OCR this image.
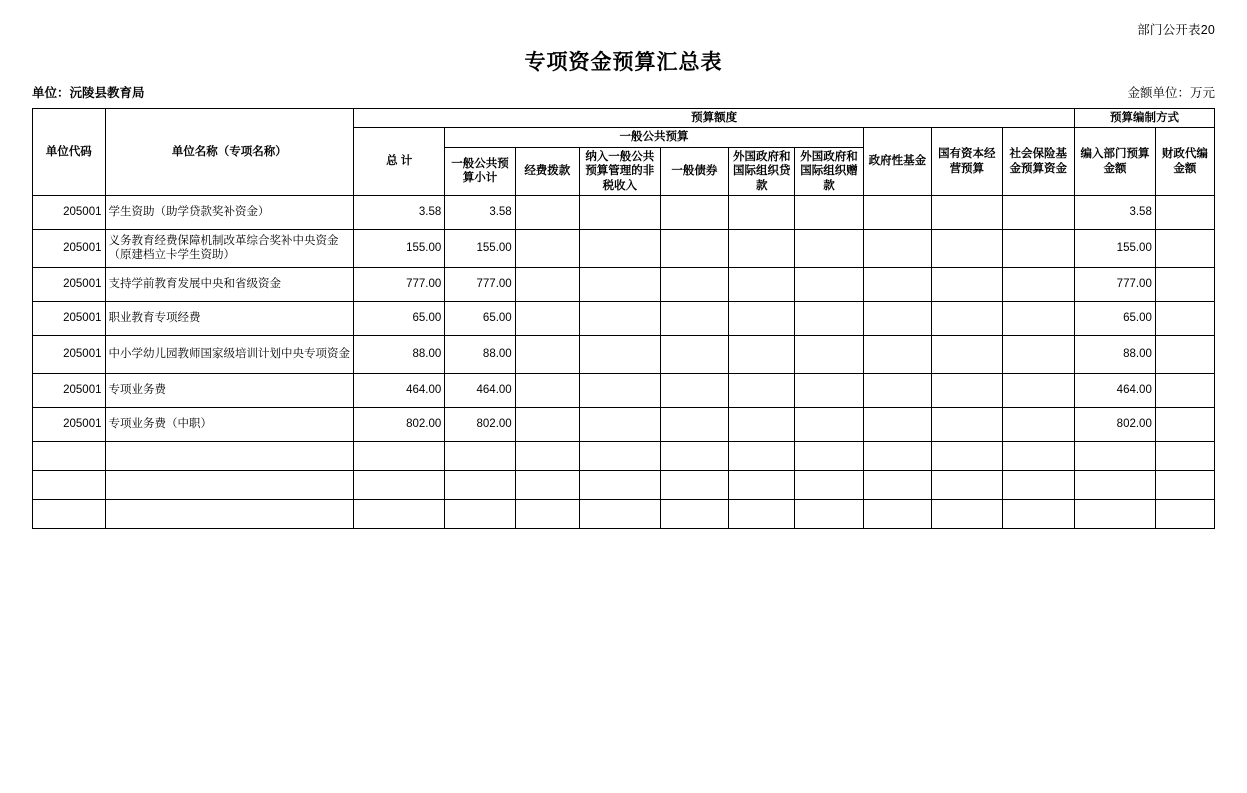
部门公开表20
专项资金预算汇总表
单位：沅陵县教育局	金额单位：万元
单位代码	单位名称（专项名称）	预算额度										预算编制方式	
		总 计	一般公共预算						政府性基金	国有资本经营预算	社会保险基金预算资金	编入部门预算金额	财政代编金额
			一般公共预算小计	经费拨款	纳入一般公共预算管理的非税收入	一般债券	外国政府和国际组织贷款	外国政府和国际组织赠款					
205001	学生资助（助学贷款奖补资金）	3.58	3.58									3.58	
205001	义务教育经费保障机制改革综合奖补中央资金（原建档立卡学生资助）	155.00	155.00									155.00	
205001	支持学前教育发展中央和省级资金	777.00	777.00									777.00	
205001	职业教育专项经费	65.00	65.00									65.00	
205001	中小学幼儿园教师国家级培训计划中央专项资金	88.00	88.00									88.00	
205001	专项业务费	464.00	464.00									464.00	
205001	专项业务费（中职）	802.00	802.00									802.00	
